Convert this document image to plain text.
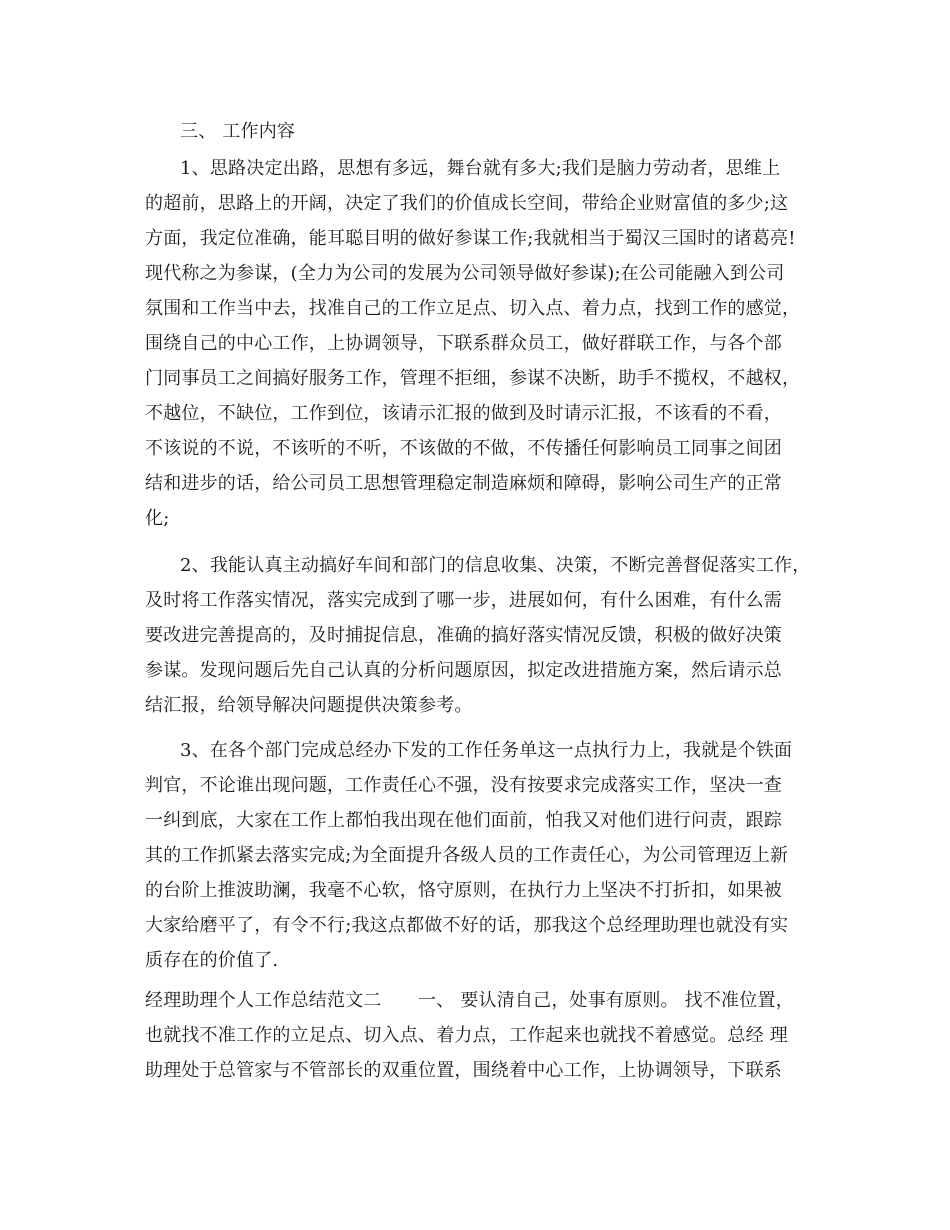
三、 工作内容
1、思路决定出路，思想有多远，舞台就有多大;我们是脑力劳动者，思维上
的超前，思路上的开阔，决定了我们的价值成长空间，带给企业财富值的多少;这
方面，我定位准确，能耳聪目明的做好参谋工作;我就相当于蜀汉三国时的诸葛亮!
现代称之为参谋，(全力为公司的发展为公司领导做好参谋);在公司能融入到公司
氛围和工作当中去，找准自己的工作立足点、切入点、着力点，找到工作的感觉，
围绕自己的中心工作，上协调领导，下联系群众员工，做好群联工作，与各个部
门同事员工之间搞好服务工作，管理不拒细，参谋不决断，助手不揽权，不越权，
不越位，不缺位，工作到位，该请示汇报的做到及时请示汇报，不该看的不看，
不该说的不说，不该听的不听，不该做的不做，不传播任何影响员工同事之间团
结和进步的话，给公司员工思想管理稳定制造麻烦和障碍，影响公司生产的正常
化;
2、我能认真主动搞好车间和部门的信息收集、决策，不断完善督促落实工作，
及时将工作落实情况，落实完成到了哪一步，进展如何，有什么困难，有什么需
要改进完善提高的，及时捕捉信息，准确的搞好落实情况反馈，积极的做好决策
参谋。发现问题后先自己认真的分析问题原因，拟定改进措施方案，然后请示总
结汇报，给领导解决问题提供决策参考。
3、在各个部门完成总经办下发的工作任务单这一点执行力上，我就是个铁面
判官，不论谁出现问题，工作责任心不强，没有按要求完成落实工作，坚决一查
一纠到底，大家在工作上都怕我出现在他们面前，怕我又对他们进行问责，跟踪
其的工作抓紧去落实完成;为全面提升各级人员的工作责任心，为公司管理迈上新
的台阶上推波助澜，我毫不心软，恪守原则，在执行力上坚决不打折扣，如果被
大家给磨平了，有令不行;我这点都做不好的话，那我这个总经理助理也就没有实
质存在的价值了.
经理助理个人工作总结范文二　　一、 要认清自己，处事有原则。 找不准位置，
也就找不准工作的立足点、切入点、着力点，工作起来也就找不着感觉。总经 理
助理处于总管家与不管部长的双重位置，围绕着中心工作，上协调领导，下联系
